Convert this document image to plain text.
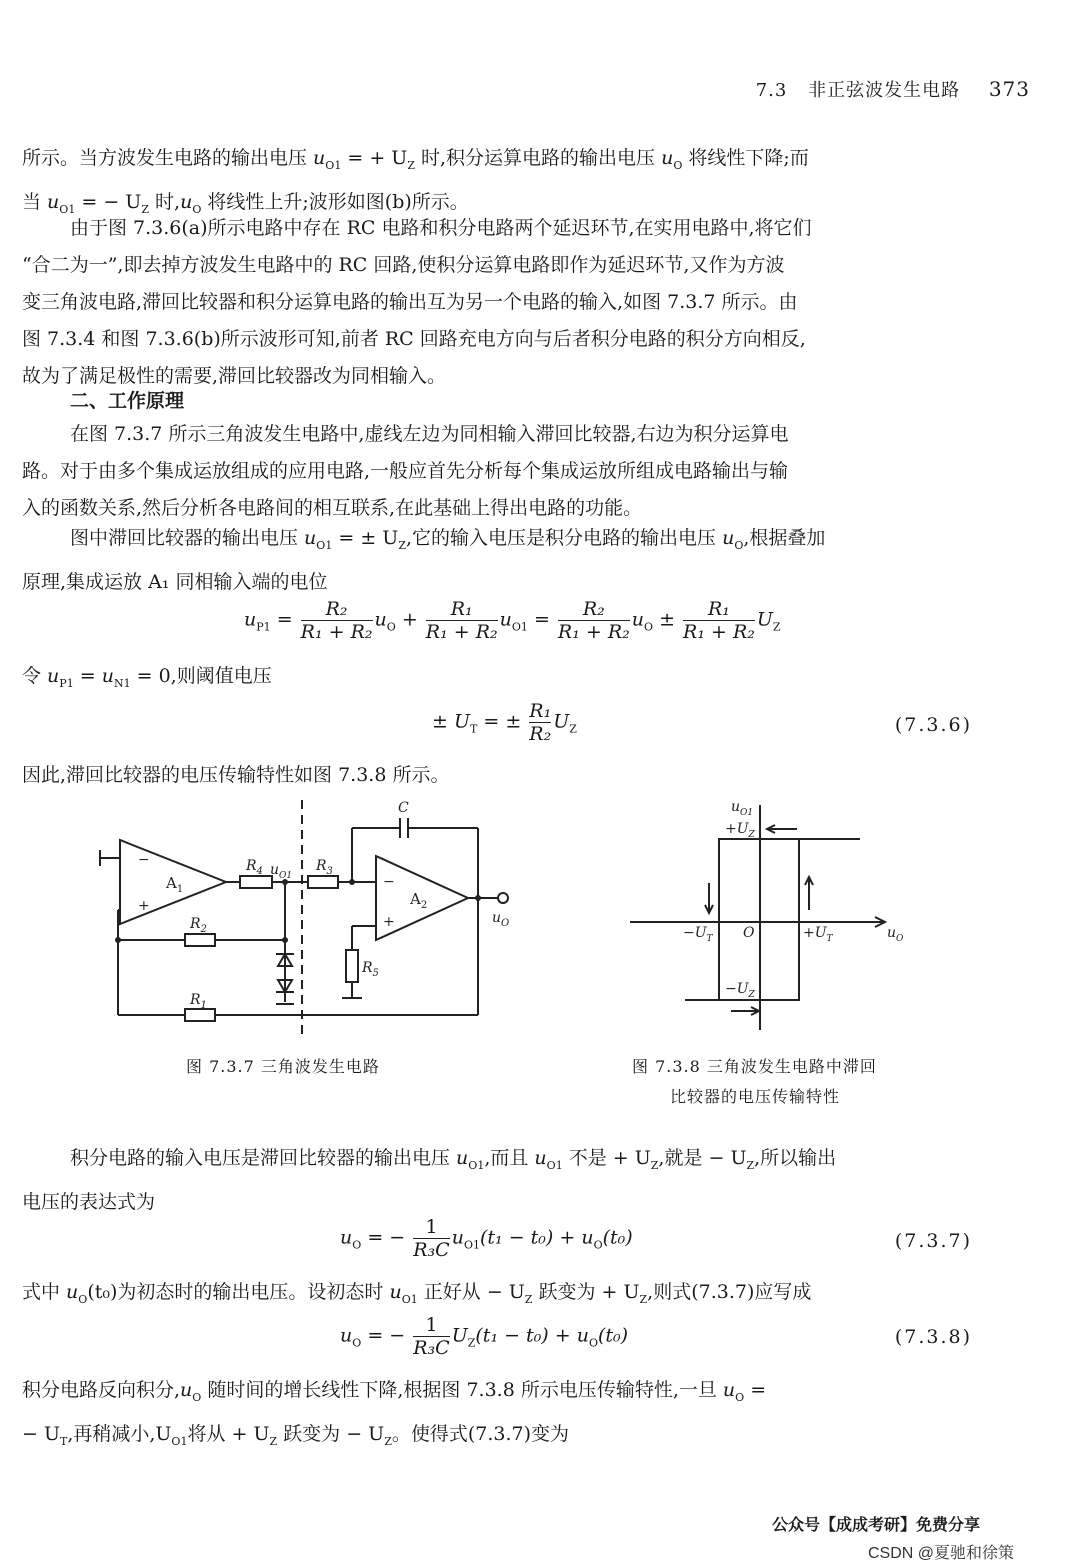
7.3 非正弦波发生电路 373

所示。当方波发生电路的输出电压 $u_{O1}$ = + $U_Z$ 时,积分运算电路的输出电压 $u_O$ 将线性下降;而
当 $u_{O1}$ = − $U_Z$ 时$,u_O$ 将线性上升;波形如图(b)所示。

由于图 7.3.6(a)所示电路中存在 RC 电路和积分电路两个延迟环节,在实用电路中,将它们

“合二为一”,即去掉方波发生电路中的 RC 回路,使积分运算电路即作为延迟环节,又作为方波

变三角波电路,滞回比较器和积分运算电路的输出互为另一个电路的输入,如图 7.3.7 所示。由

图 7.3.4 和图 7.3.6(b)所示波形可知,前者 RC 回路充电方向与后者积分电路的积分方向相反,

故为了满足极性的需要,滞回比较器改为同相输入。

二、工作原理

在图 7.3.7 所示三角波发生电路中,虚线左边为同相输入滞回比较器,右边为积分运算电

路。对于由多个集成运放组成的应用电路,一般应首先分析每个集成运放所组成电路输出与输

入的函数关系,然后分析各电路间的相互联系,在此基础上得出电路的功能。

图中滞回比较器的输出电压 $u_{O1}$ = ± $U_Z$,它的输入电压是积分电路的输出电压 $u_O$,根据叠加

原理,集成运放 A₁ 同相输入端的电位

$u_{P1} = \frac{\text{R₂}}{\text{R₁ + R₂}} u_O + \frac{\text{R₁}}{\text{R₁ + R₂}} u_{O1} = \frac{\text{R₂}}{\text{R₁ + R₂}} u_O \pm \frac{\text{R₁}}{\text{R₁ + R₂}} U_Z$

令 $u_{P1} = u_{N1} = 0$,则阈值电压

± $U_T$ = ± $\frac{\text{R₁}}{\text{R₂}} U_Z$	(7.3.6)

因此,滞回比较器的电压传输特性如图 7.3.8 所示。

−
+
$A_1$
$R_4$ $u_{O1}$
$R_3$
$R_2$
$R_1$
C
−
+
$A_2$
$R_5$
$u_O$
$u_{O1}$
$+U_Z$
$-U_T$ O	$+U_T$	$u_O$
$-U_Z$
图 7.3.7 三角波发生电路	图 7.3.8 三角波发生电路中滞回
比较器的电压传输特性

积分电路的输入电压是滞回比较器的输出电压 $u_{O1}$,而且 $u_{O1}$ 不是 + $U_Z$,就是 − $U_Z$,所以输出

电压的表达式为

$u_O$ = − $\frac{1}{\text{R₃C}} u_{O1}(t_1 - t_0) + u_O(t_0)$	(7.3.7)

式中 $u_O(t_0)$为初态时的输出电压。设初态时 $u_{O1}$ 正好从 − $U_Z$ 跃变为 + $U_Z$,则式(7.3.7)应写成

$u_O$ = − $\frac{1}{\text{R₃C}} U_Z(t_1 - t_0) + u_O(t_0)$	(7.3.8)

积分电路反向积分$,u_O$ 随时间的增长线性下降,根据图 7.3.8 所示电压传输特性,一旦 $u_O$ =
− $U_T$,再稍减小$,U_{O1}$将从 + $U_Z$ 跃变为 − $U_Z$。使得式(7.3.7)变为

公众号【成成考研】免费分享
CSDN @夏驰和徐策
